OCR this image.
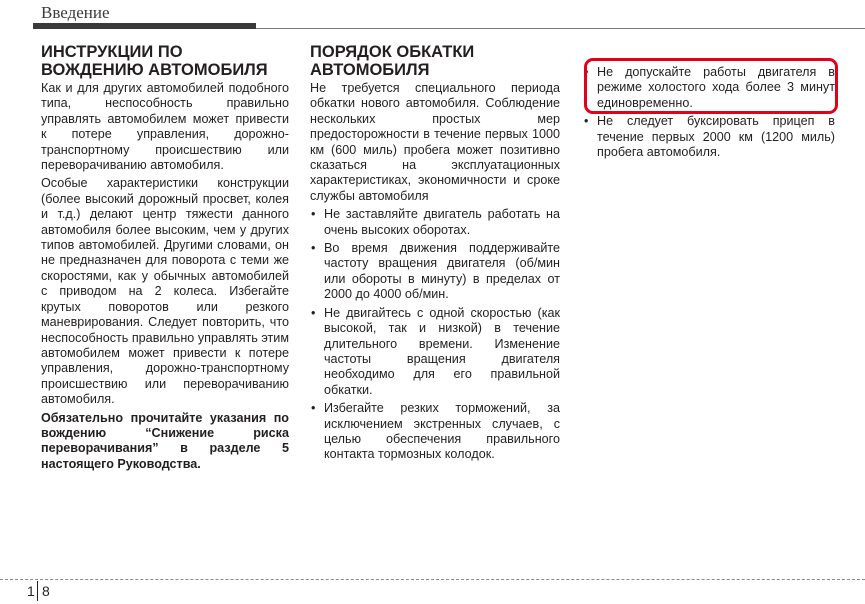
Введение
ИНСТРУКЦИИ ПО ВОЖДЕНИЮ АВТОМОБИЛЯ

Как и для других автомобилей подобного типа, неспособность правильно управлять автомобилем может привести к потере управления, дорожно-транспортному происшествию или переворачиванию автомобиля.

Особые характеристики конструкции (более высокий дорожный просвет, колея и т.д.) делают центр тяжести данного автомобиля более высоким, чем у других типов автомобилей. Другими словами, он не предназначен для поворота с теми же скоростями, как у обычных автомобилей с приводом на 2 колеса. Избегайте крутых поворотов или резкого маневрирования. Следует повторить, что неспособность правильно управлять этим автомобилем может привести к потере управления, дорожно-транспортному происшествию или переворачиванию автомобиля.

Обязательно прочитайте указания по вождению “Снижение риска переворачивания” в разделе 5 настоящего Руководства.

ПОРЯДОК ОБКАТКИ АВТОМОБИЛЯ

Не требуется специального периода обкатки нового автомобиля. Соблюдение нескольких простых мер предосторожности в течение первых 1000 км (600 миль) пробега может позитивно сказаться на эксплуатационных характеристиках, экономичности и сроке службы автомобиля

• Не заставляйте двигатель работать на очень высоких оборотах.
• Во время движения поддерживайте частоту вращения двигателя (об/мин или обороты в минуту) в пределах от 2000 до 4000 об/мин.
• Не двигайтесь с одной скоростью (как высокой, так и низкой) в течение длительного времени. Изменение частоты вращения двигателя необходимо для его правильной обкатки.
• Избегайте резких торможений, за исключением экстренных случаев, с целью обеспечения правильного контакта тормозных колодок.
• Не допускайте работы двигателя в режиме холостого хода более 3 минут единовременно.
• Не следует буксировать прицеп в течение первых 2000 км (1200 миль) пробега автомобиля.
1 8
